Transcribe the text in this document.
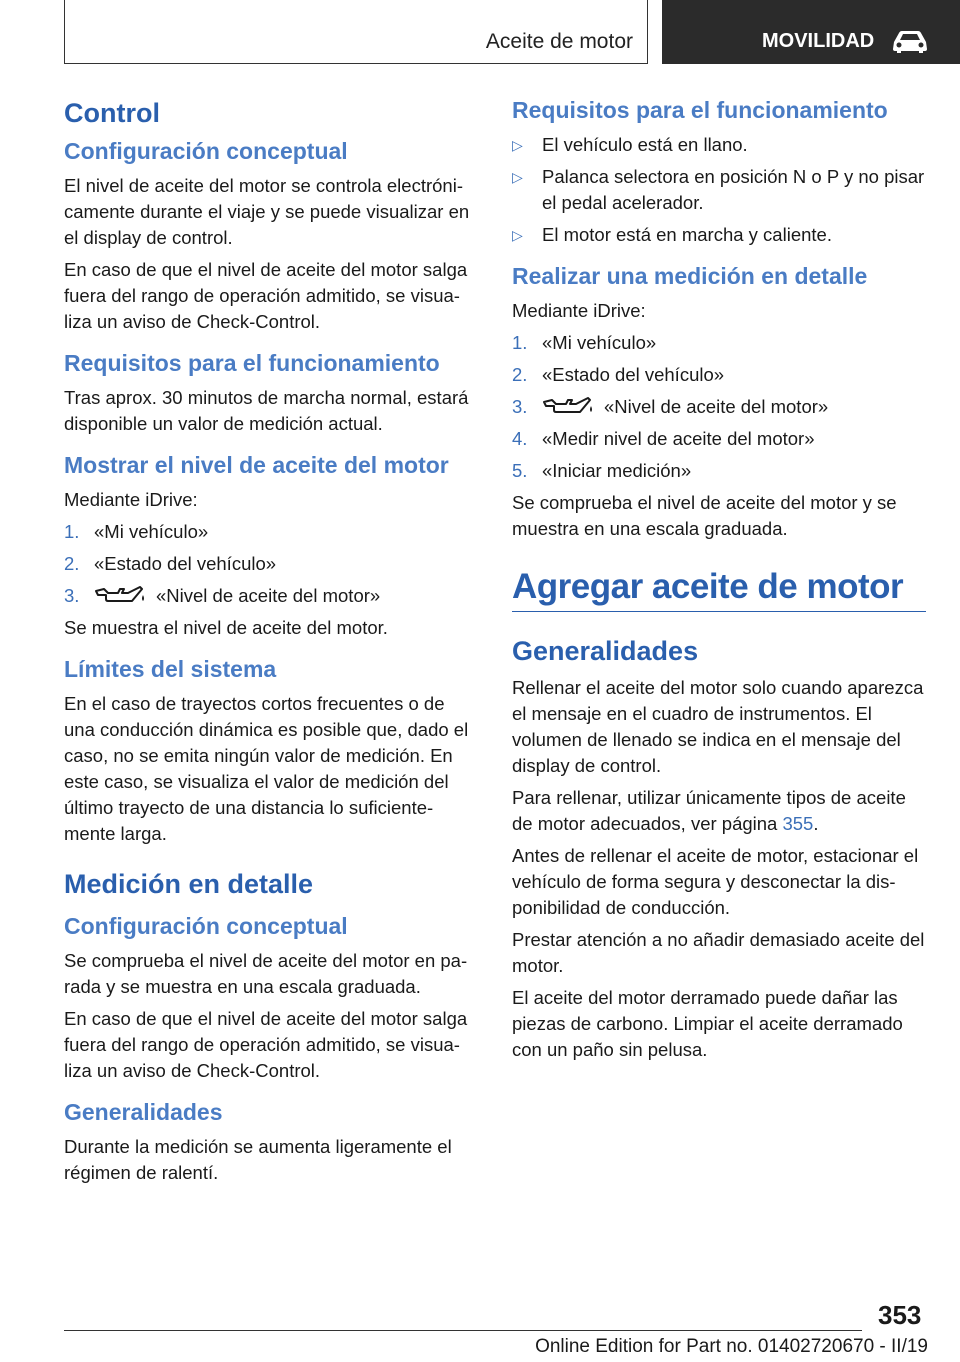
Aceite de motor	MOVILIDAD
Control
Configuración conceptual

El nivel de aceite del motor se controla electrónicamente durante el viaje y se puede visualizar en el display de control.

En caso de que el nivel de aceite del motor salga fuera del rango de operación admitido, se visualiza un aviso de Check-Control.

Requisitos para el funcionamiento

Tras aprox. 30 minutos de marcha normal, estará disponible un valor de medición actual.

Mostrar el nivel de aceite del motor

Mediante iDrive:

1. «Mi vehículo»
2. «Estado del vehículo»
3.	«Nivel de aceite del motor»

Se muestra el nivel de aceite del motor.

Límites del sistema

En el caso de trayectos cortos frecuentes o de una conducción dinámica es posible que, dado el caso, no se emita ningún valor de medición. En este caso, se visualiza el valor de medición del último trayecto de una distancia lo suficientemente larga.

Medición en detalle
Configuración conceptual

Se comprueba el nivel de aceite del motor en parada y se muestra en una escala graduada.

En caso de que el nivel de aceite del motor salga fuera del rango de operación admitido, se visualiza un aviso de Check-Control.

Generalidades

Durante la medición se aumenta ligeramente el régimen de ralentí.

Requisitos para el funcionamiento
▷ El vehículo está en llano.
▷ Palanca selectora en posición N o P y no pisar el pedal acelerador.
▷ El motor está en marcha y caliente.
Realizar una medición en detalle

Mediante iDrive:

1. «Mi vehículo»
2. «Estado del vehículo»
3.	«Nivel de aceite del motor»
4. «Medir nivel de aceite del motor»
5. «Iniciar medición»

Se comprueba el nivel de aceite del motor y se muestra en una escala graduada.

Agregar aceite de motor
Generalidades

Rellenar el aceite del motor solo cuando aparezca el mensaje en el cuadro de instrumentos. El volumen de llenado se indica en el mensaje del display de control.

Para rellenar, utilizar únicamente tipos de aceite de motor adecuados, ver página 355.

Antes de rellenar el aceite de motor, estacionar el vehículo de forma segura y desconectar la disponibilidad de conducción.

Prestar atención a no añadir demasiado aceite del motor.

El aceite del motor derramado puede dañar las piezas de carbono. Limpiar el aceite derramado con un paño sin pelusa.

353
Online Edition for Part no. 01402720670 - II/19
